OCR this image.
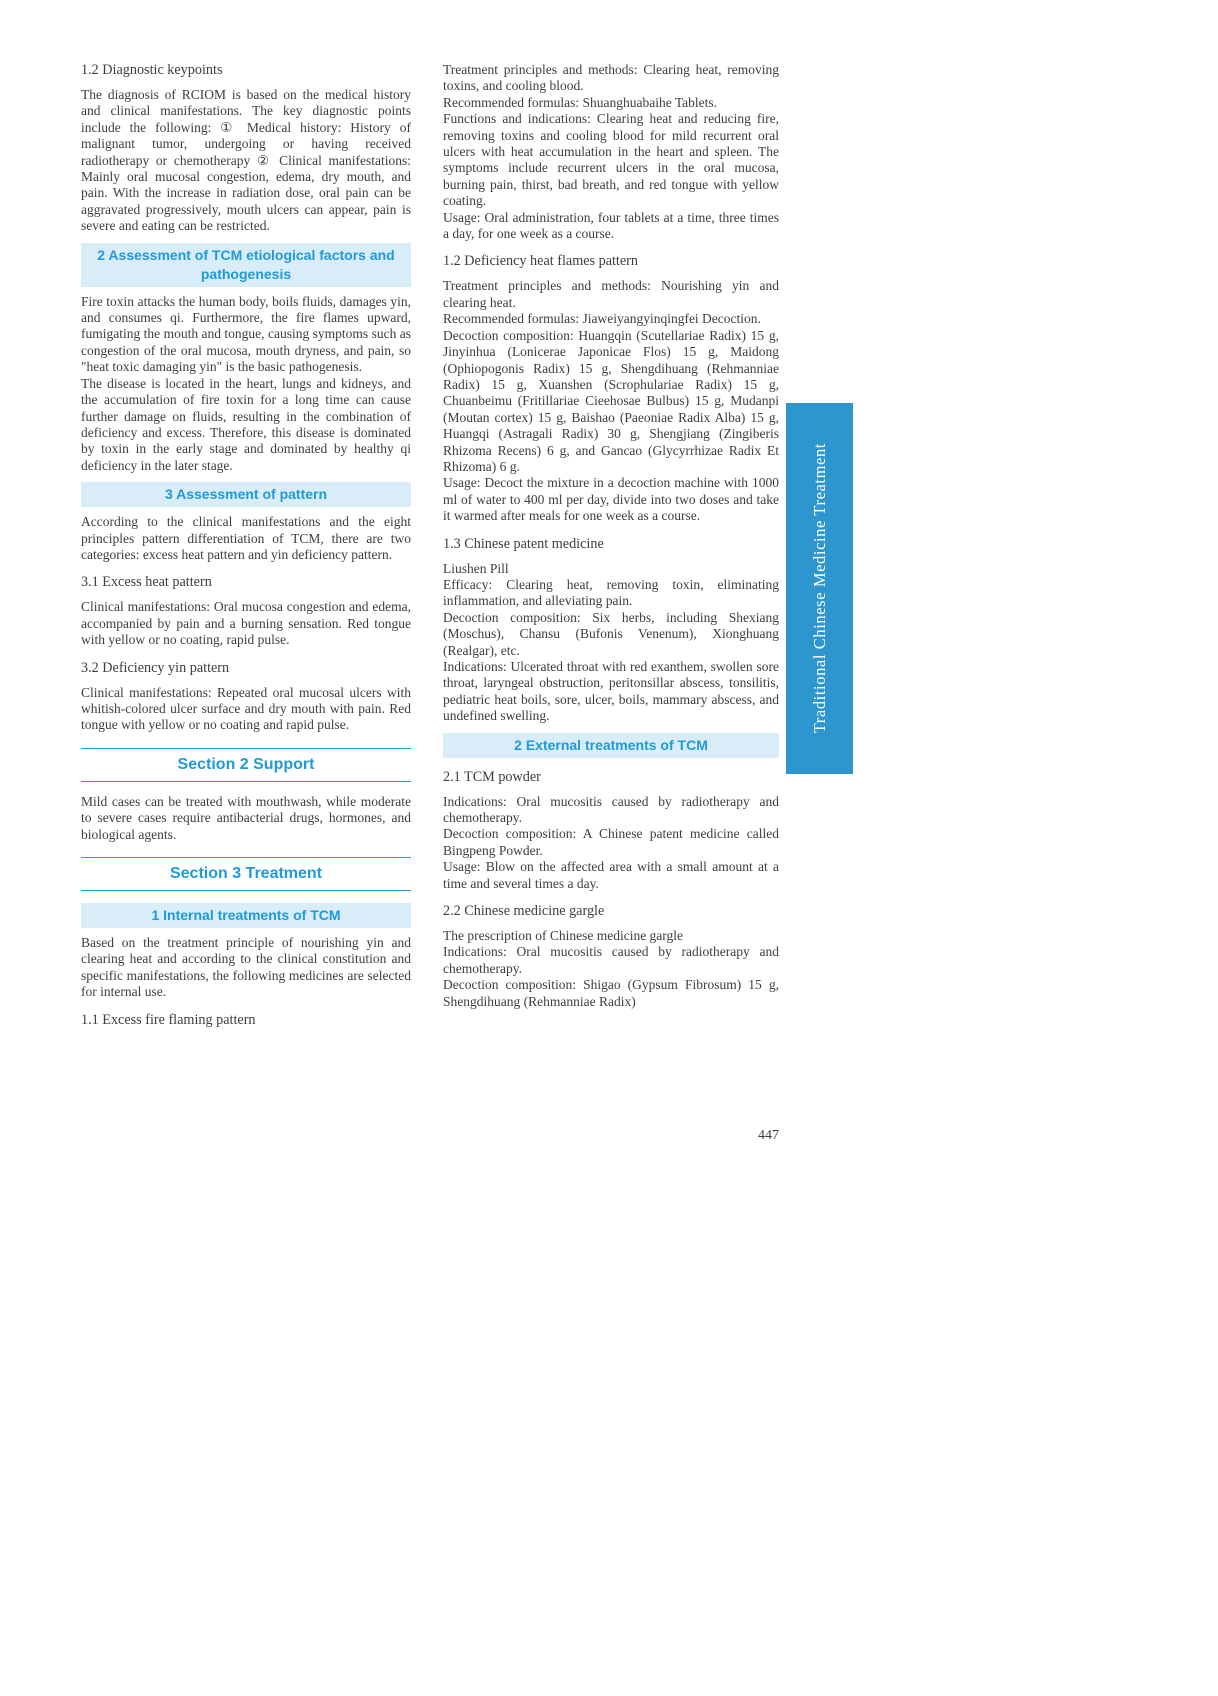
1.2 Diagnostic keypoints
The diagnosis of RCIOM is based on the medical history and clinical manifestations. The key diagnostic points include the following: ① Medical history: History of malignant tumor, undergoing or having received radiotherapy or chemotherapy ② Clinical manifestations: Mainly oral mucosal congestion, edema, dry mouth, and pain. With the increase in radiation dose, oral pain can be aggravated progressively, mouth ulcers can appear, pain is severe and eating can be restricted.
2 Assessment of TCM etiological factors and pathogenesis
Fire toxin attacks the human body, boils fluids, damages yin, and consumes qi. Furthermore, the fire flames upward, fumigating the mouth and tongue, causing symptoms such as congestion of the oral mucosa, mouth dryness, and pain, so "heat toxic damaging yin" is the basic pathogenesis.
The disease is located in the heart, lungs and kidneys, and the accumulation of fire toxin for a long time can cause further damage on fluids, resulting in the combination of deficiency and excess. Therefore, this disease is dominated by toxin in the early stage and dominated by healthy qi deficiency in the later stage.
3 Assessment of pattern
According to the clinical manifestations and the eight principles pattern differentiation of TCM, there are two categories: excess heat pattern and yin deficiency pattern.
3.1 Excess heat pattern
Clinical manifestations: Oral mucosa congestion and edema, accompanied by pain and a burning sensation. Red tongue with yellow or no coating, rapid pulse.
3.2 Deficiency yin pattern
Clinical manifestations: Repeated oral mucosal ulcers with whitish-colored ulcer surface and dry mouth with pain. Red tongue with yellow or no coating and rapid pulse.
Section 2 Support
Mild cases can be treated with mouthwash, while moderate to severe cases require antibacterial drugs, hormones, and biological agents.
Section 3 Treatment
1 Internal treatments of TCM
Based on the treatment principle of nourishing yin and clearing heat and according to the clinical constitution and specific manifestations, the following medicines are selected for internal use.
1.1 Excess fire flaming pattern
Treatment principles and methods: Clearing heat, removing toxins, and cooling blood.
Recommended formulas: Shuanghuabaihe Tablets.
Functions and indications: Clearing heat and reducing fire, removing toxins and cooling blood for mild recurrent oral ulcers with heat accumulation in the heart and spleen. The symptoms include recurrent ulcers in the oral mucosa, burning pain, thirst, bad breath, and red tongue with yellow coating.
Usage: Oral administration, four tablets at a time, three times a day, for one week as a course.
1.2 Deficiency heat flames pattern
Treatment principles and methods: Nourishing yin and clearing heat.
Recommended formulas: Jiaweiyangyinqingfei Decoction.
Decoction composition: Huangqin (Scutellariae Radix) 15 g, Jinyinhua (Lonicerae Japonicae Flos) 15 g, Maidong (Ophiopogonis Radix) 15 g, Shengdihuang (Rehmanniae Radix) 15 g, Xuanshen (Scrophulariae Radix) 15 g, Chuanbeimu (Fritillariae Cieehosae Bulbus) 15 g, Mudanpi (Moutan cortex) 15 g, Baishao (Paeoniae Radix Alba) 15 g, Huangqi (Astragali Radix) 30 g, Shengjiang (Zingiberis Rhizoma Recens) 6 g, and Gancao (Glycyrrhizae Radix Et Rhizoma) 6 g.
Usage: Decoct the mixture in a decoction machine with 1000 ml of water to 400 ml per day, divide into two doses and take it warmed after meals for one week as a course.
1.3 Chinese patent medicine
Liushen Pill
Efficacy: Clearing heat, removing toxin, eliminating inflammation, and alleviating pain.
Decoction composition: Six herbs, including Shexiang (Moschus), Chansu (Bufonis Venenum), Xionghuang (Realgar), etc.
Indications: Ulcerated throat with red exanthem, swollen sore throat, laryngeal obstruction, peritonsillar abscess, tonsilitis, pediatric heat boils, sore, ulcer, boils, mammary abscess, and undefined swelling.
2 External treatments of TCM
2.1 TCM powder
Indications: Oral mucositis caused by radiotherapy and chemotherapy.
Decoction composition: A Chinese patent medicine called Bingpeng Powder.
Usage: Blow on the affected area with a small amount at a time and several times a day.
2.2 Chinese medicine gargle
The prescription of Chinese medicine gargle
Indications: Oral mucositis caused by radiotherapy and chemotherapy.
Decoction composition: Shigao (Gypsum Fibrosum) 15 g, Shengdihuang (Rehmanniae Radix)
Traditional Chinese Medicine Treatment
447
